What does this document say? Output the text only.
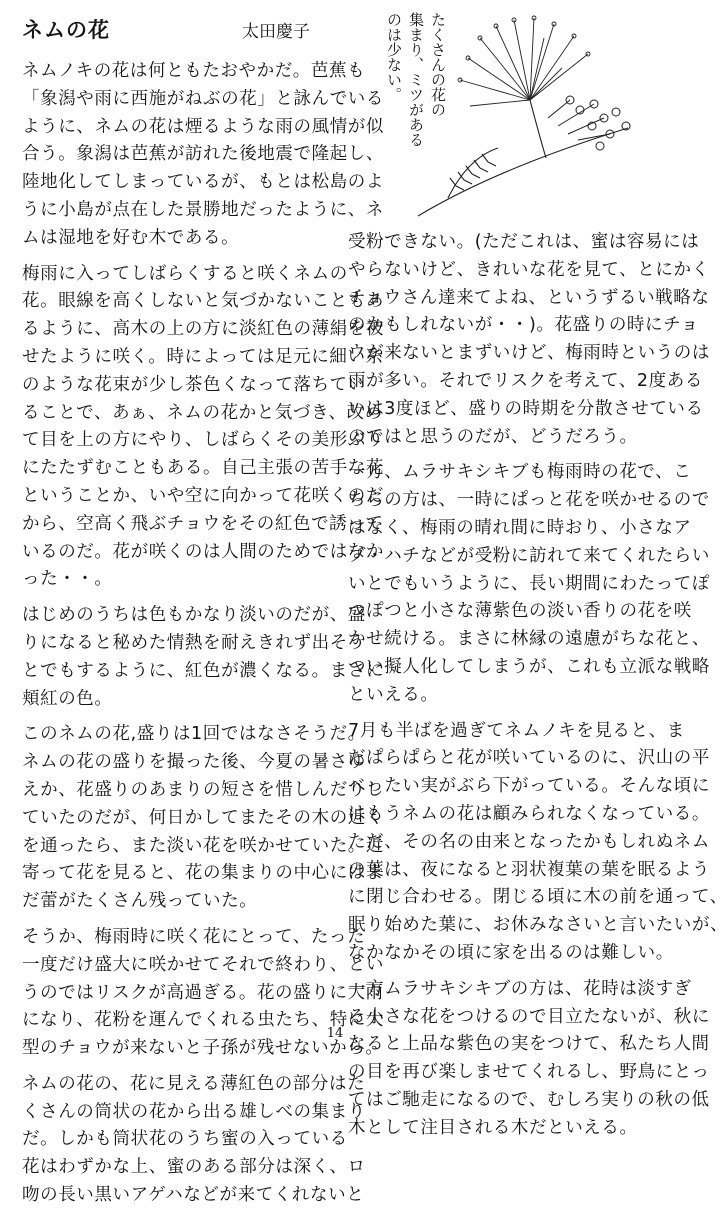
ネムの花	太田慶子	たくさんの花の
集まり、ミツがある
のは少ない。

ネムノキの花は何ともたおやかだ。芭蕉も
「象潟や雨に西施がねぶの花」と詠んでいる
ように、ネムの花は煙るような雨の風情が似
合う。象潟は芭蕉が訪れた後地震で隆起し、
陸地化してしまっているが、もとは松島のよ
うに小島が点在した景勝地だったように、ネ
ムは湿地を好む木である。

梅雨に入ってしばらくすると咲くネムの
花。眼線を高くしないと気づかないこともあ
るように、高木の上の方に淡紅色の薄絹を被
せたように咲く。時によっては足元に細い糸
のような花束が少し茶色くなって落ちてい
ることで、あぁ、ネムの花かと気づき、改め
て目を上の方にやり、しばらくその美形ぶり
にたたずむこともある。自己主張の苦手な花
ということか、いや空に向かって花咲くのだ
から、空高く飛ぶチョウをその紅色で誘って
いるのだ。花が咲くのは人間のためではなか
った・・。

はじめのうちは色もかなり淡いのだが、盛
りになると秘めた情熱を耐えきれず出そう
とでもするように、紅色が濃くなる。まさに
頬紅の色。

このネムの花,盛りは1回ではなさそうだ。
ネムの花の盛りを撮った後、今夏の暑さゆ
えか、花盛りのあまりの短さを惜しんだりし
ていたのだが、何日かしてまたその木の近く
を通ったら、また淡い花を咲かせていた。近
寄って花を見ると、花の集まりの中心にはま
だ蕾がたくさん残っていた。

そうか、梅雨時に咲く花にとって、たった
一度だけ盛大に咲かせてそれで終わり、とい
うのではリスクが高過ぎる。花の盛りに大雨
になり、花粉を運んでくれる虫たち、特に大
型のチョウが来ないと子孫が残せないから。

ネムの花の、花に見える薄紅色の部分はた
くさんの筒状の花から出る雄しべの集まり
だ。しかも筒状花のうち蜜の入っている
花はわずかな上、蜜のある部分は深く、ロ
吻の長い黒いアゲハなどが来てくれないと

受粉できない。(ただこれは、蜜は容易には
やらないけど、きれいな花を見て、とにかく
チョウさん達来てよね、というずるい戦略な
のかもしれないが・・)。花盛りの時にチョ
ウが来ないとまずいけど、梅雨時というのは
雨が多い。それでリスクを考えて、2度ある
いは3度ほど、盛りの時期を分散させている
のではと思うのだが、どうだろう。

一方、ムラサキシキブも梅雨時の花で、こ
ちらの方は、一時にぱっと花を咲かせるので
はなく、梅雨の晴れ間に時おり、小さなア
ブ・ハチなどが受粉に訪れて来てくれたらい
いとでもいうように、長い期間にわたってぽ
つぽつと小さな薄紫色の淡い香りの花を咲
かせ続ける。まさに林縁の遠慮がちな花と、
つい擬人化してしまうが、これも立派な戦略
といえる。

7月も半ばを過ぎてネムノキを見ると、ま
だぱらぱらと花が咲いているのに、沢山の平
べったい実がぶら下がっている。そんな頃に
はもうネムの花は顧みられなくなっている。
ただ、その名の由来となったかもしれぬネム
の葉は、夜になると羽状複葉の葉を眠るよう
に閉じ合わせる。閉じる頃に木の前を通って、
眠り始めた葉に、お休みなさいと言いたいが、
なかなかその頃に家を出るのは難しい。

一方ムラサキシキブの方は、花時は淡すぎ
る小さな花をつけるので目立たないが、秋に
なると上品な紫色の実をつけて、私たち人間
の目を再び楽しませてくれるし、野鳥にとっ
てはご馳走になるので、むしろ実りの秋の低
木として注目される木だといえる。

14
